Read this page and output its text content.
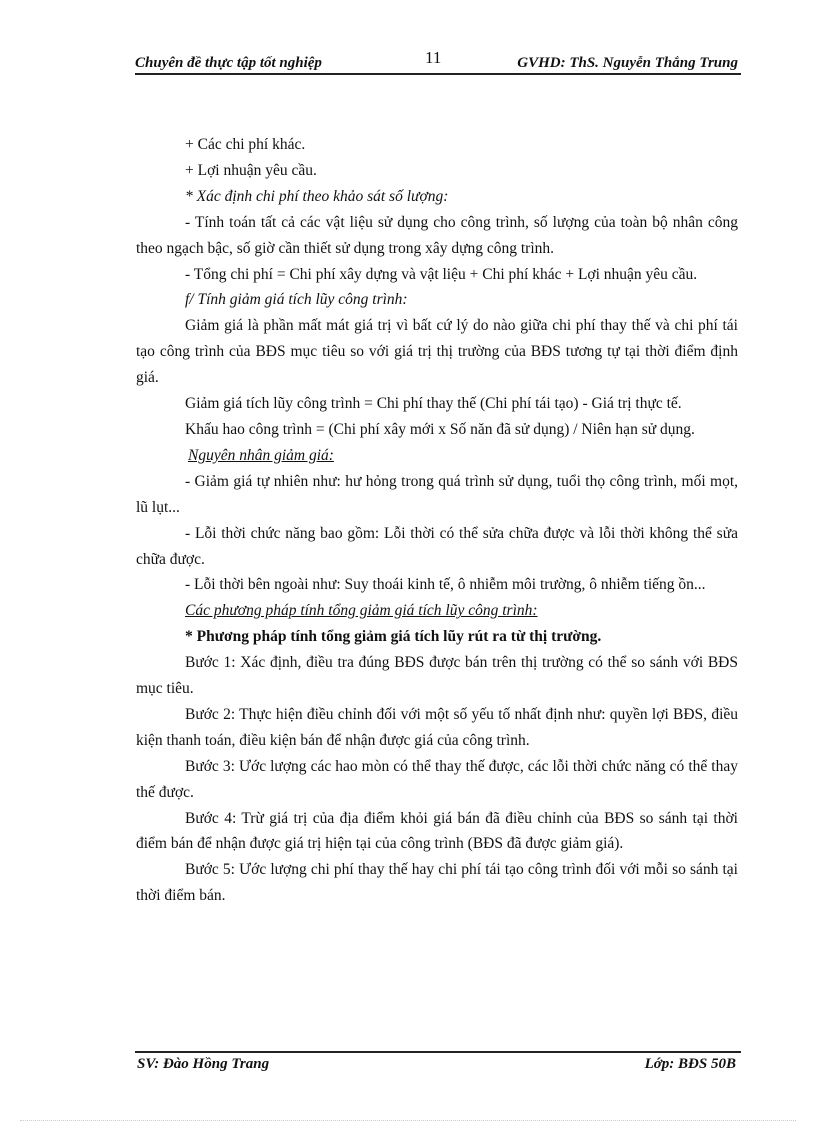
Chuyên đề thực tập tốt nghiệp	11	GVHD: ThS. Nguyễn Thắng Trung

+ Các chi phí khác.

+ Lợi nhuận yêu cầu.

* Xác định chi phí theo khảo sát số lượng:

- Tính toán tất cả các vật liệu sử dụng cho công trình, số lượng của toàn bộ nhân công theo ngạch bậc, số giờ cần thiết sử dụng trong xây dựng công trình.

- Tổng chi phí = Chi phí xây dựng và vật liệu + Chi phí khác + Lợi nhuận yêu cầu.

f/ Tính giảm giá tích lũy công trình:

Giảm giá là phần mất mát giá trị vì bất cứ lý do nào giữa chi phí thay thế và chi phí tái tạo công trình của BĐS mục tiêu so với giá trị thị trường của BĐS tương tự tại thời điểm định giá.

Giảm giá tích lũy công trình = Chi phí thay thế (Chi phí tái tạo) - Giá trị thực tế.

Khấu hao công trình = (Chi phí xây mới x Số năn đã sử dụng) / Niên hạn sử dụng.

Nguyên nhân giảm giá:

- Giảm giá tự nhiên như: hư hỏng trong quá trình sử dụng, tuổi thọ công trình, mối mọt, lũ lụt...

- Lỗi thời chức năng bao gồm: Lỗi thời có thể sửa chữa được và lỗi thời không thể sửa chữa được.

- Lỗi thời bên ngoài như: Suy thoái kinh tế, ô nhiễm môi trường, ô nhiễm tiếng ồn...

Các phương pháp tính tổng giảm giá tích lũy công trình:

* Phương pháp tính tổng giảm giá tích lũy rút ra từ thị trường.

Bước 1: Xác định, điều tra đúng BĐS được bán trên thị trường có thể so sánh với BĐS mục tiêu.

Bước 2: Thực hiện điều chỉnh đối với một số yếu tố nhất định như: quyền lợi BĐS, điều kiện thanh toán, điều kiện bán để nhận được giá của công trình.

Bước 3: Ước lượng các hao mòn có thể thay thế được, các lỗi thời chức năng có thể thay thế được.

Bước 4: Trừ giá trị của địa điểm khỏi giá bán đã điều chỉnh của BĐS so sánh tại thời điểm bán để nhận được giá trị hiện tại của công trình (BĐS đã được giảm giá).

Bước 5: Ước lượng chi phí thay thế hay chi phí tái tạo công trình đối với mỗi so sánh tại thời điểm bán.

SV: Đào Hồng Trang	Lớp: BĐS 50B
